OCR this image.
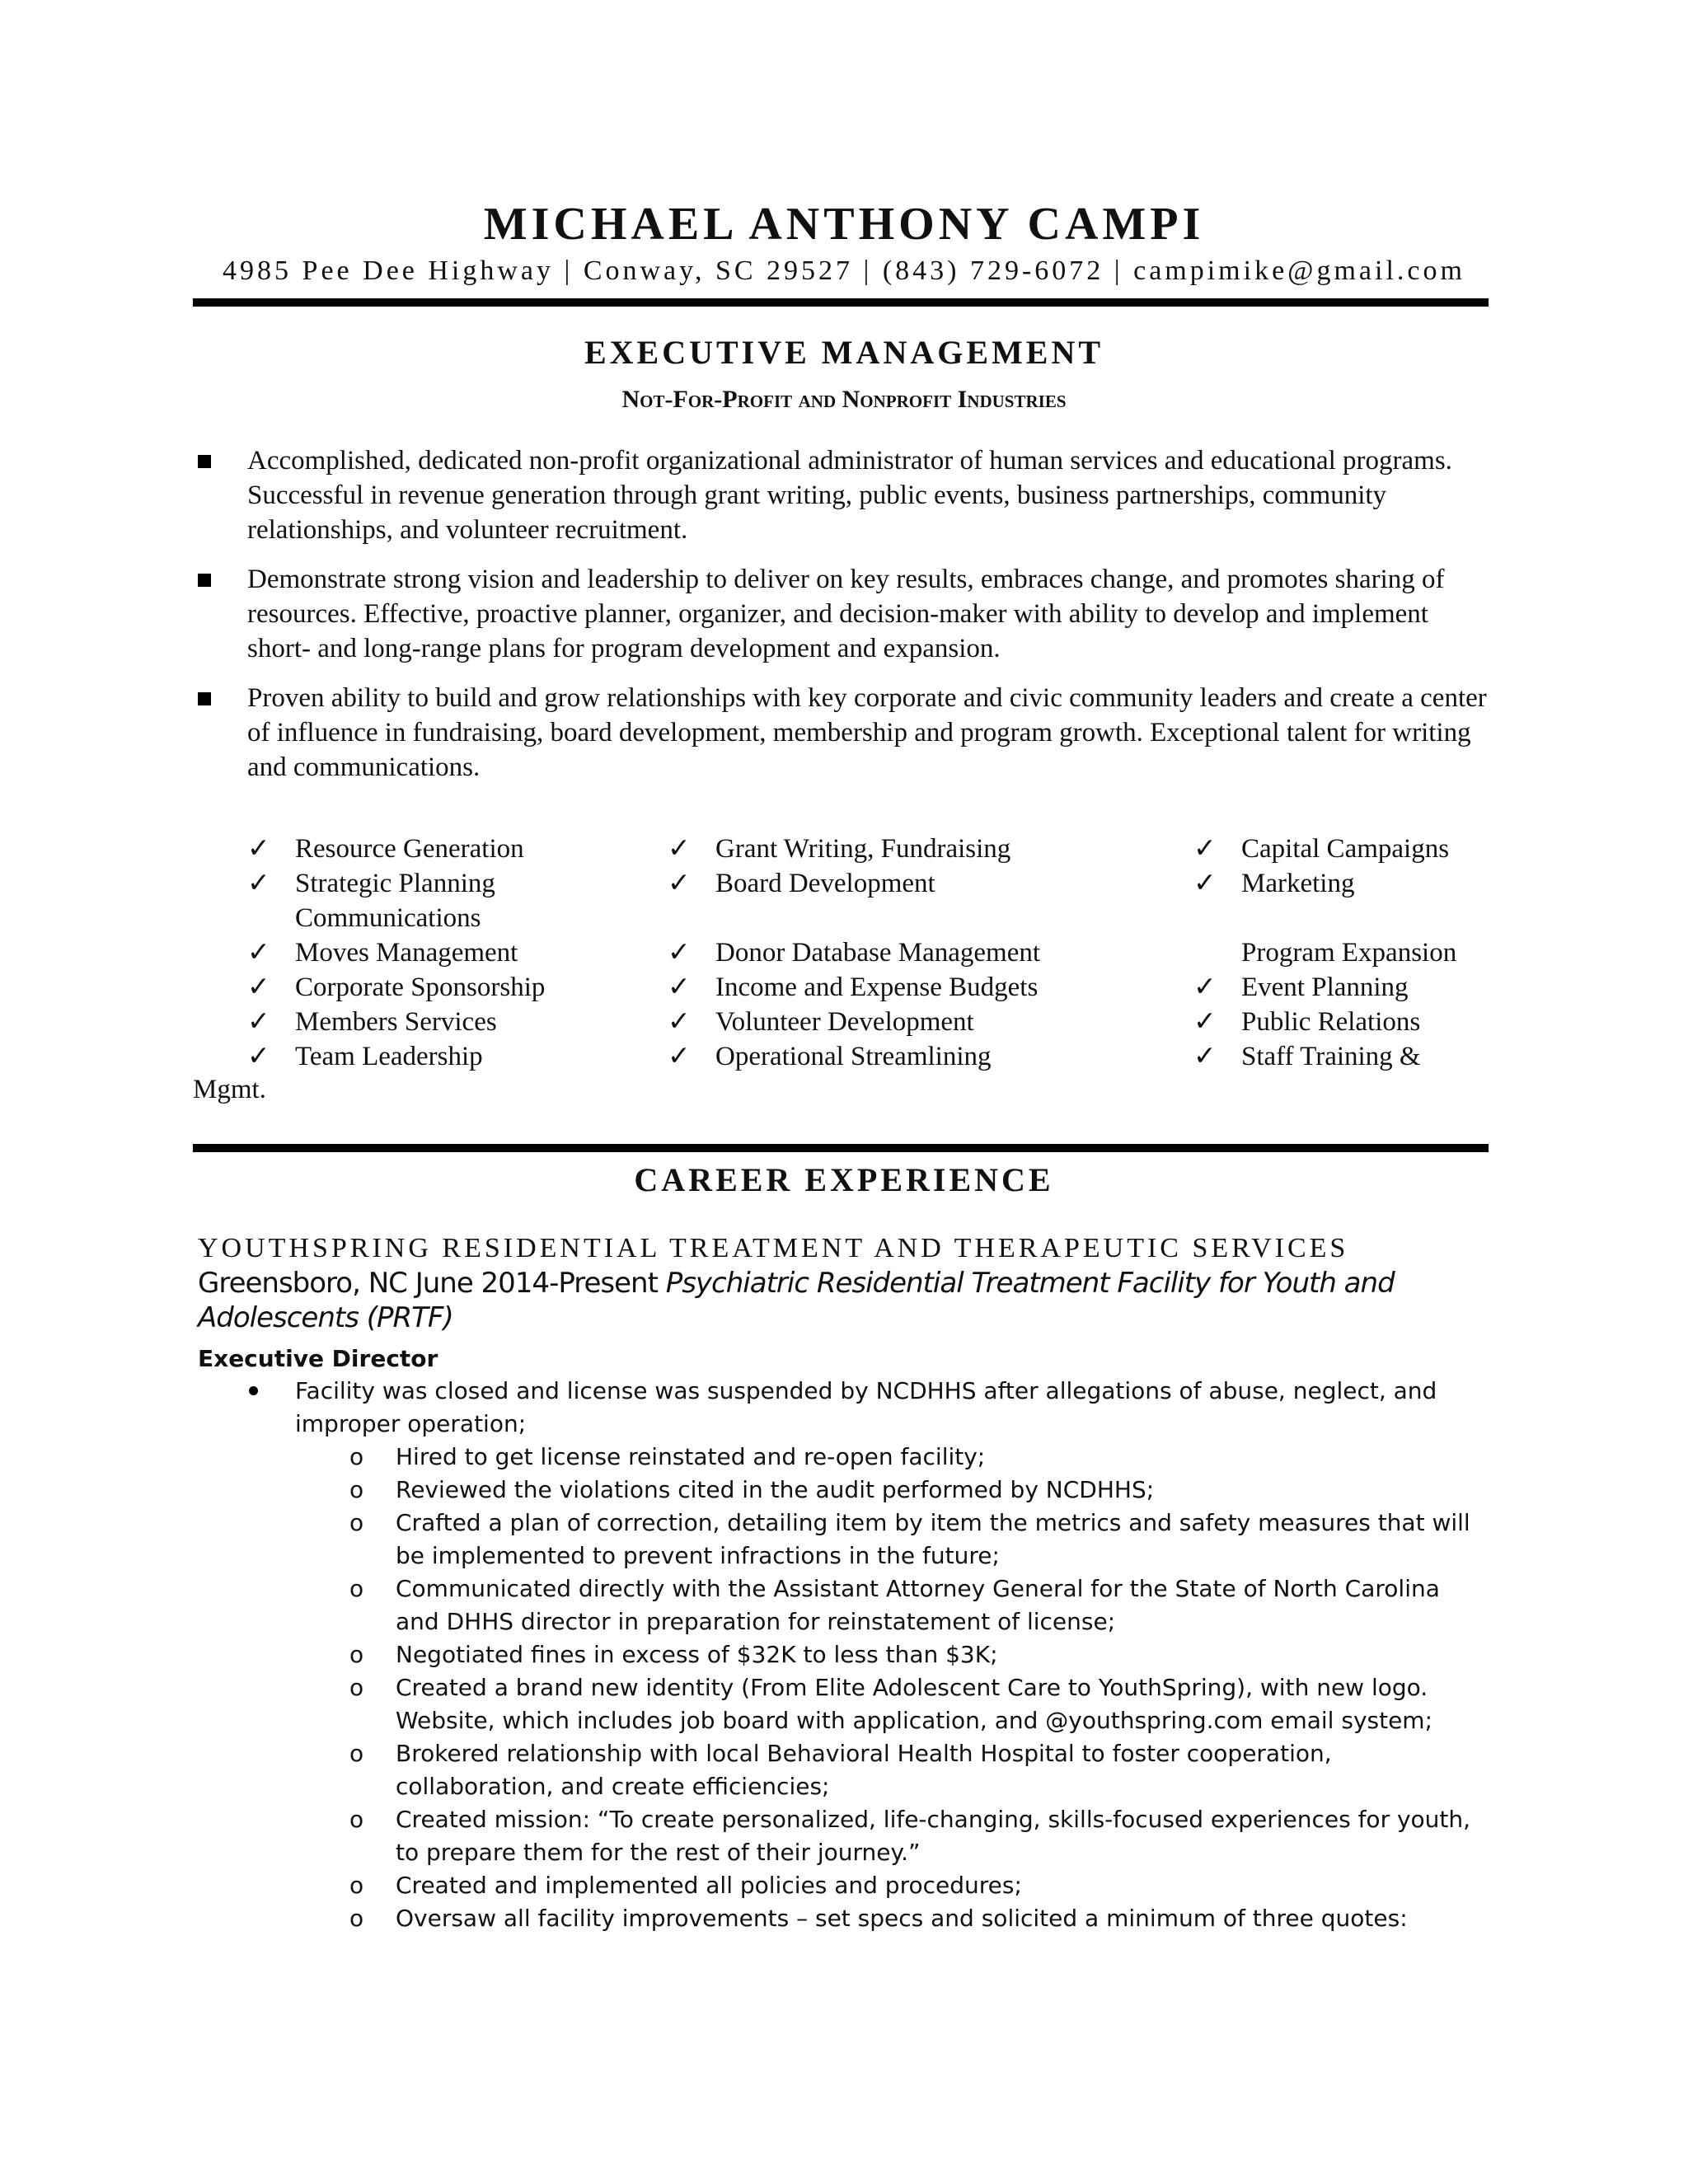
MICHAEL ANTHONY CAMPI
4985 Pee Dee Highway | Conway, SC 29527 | (843) 729-6072 | campimike@gmail.com
EXECUTIVE MANAGEMENT
Not-For-Profit and Nonprofit Industries
Accomplished, dedicated non-profit organizational administrator of human services and educational programs. Successful in revenue generation through grant writing, public events, business partnerships, community relationships, and volunteer recruitment.
Demonstrate strong vision and leadership to deliver on key results, embraces change, and promotes sharing of resources. Effective, proactive planner, organizer, and decision-maker with ability to develop and implement short- and long-range plans for program development and expansion.
Proven ability to build and grow relationships with key corporate and civic community leaders and create a center of influence in fundraising, board development, membership and program growth. Exceptional talent for writing and communications.
✓ Resource Generation
✓ Strategic Planning
Communications
✓ Moves Management
✓ Corporate Sponsorship
✓ Members Services
✓ Team Leadership
✓ Grant Writing, Fundraising
✓ Board Development
✓ Donor Database Management
✓ Income and Expense Budgets
✓ Volunteer Development
✓ Operational Streamlining
✓ Capital Campaigns
✓ Marketing
Program Expansion
✓ Event Planning
✓ Public Relations
✓ Staff Training &
Mgmt.
CAREER EXPERIENCE
YOUTHSPRING RESIDENTIAL TREATMENT AND THERAPEUTIC SERVICES
Greensboro, NC June 2014-Present Psychiatric Residential Treatment Facility for Youth and Adolescents (PRTF)
Executive Director
Facility was closed and license was suspended by NCDHHS after allegations of abuse, neglect, and improper operation;
o Hired to get license reinstated and re-open facility;
o Reviewed the violations cited in the audit performed by NCDHHS;
o Crafted a plan of correction, detailing item by item the metrics and safety measures that will be implemented to prevent infractions in the future;
o Communicated directly with the Assistant Attorney General for the State of North Carolina and DHHS director in preparation for reinstatement of license;
o Negotiated fines in excess of $32K to less than $3K;
o Created a brand new identity (From Elite Adolescent Care to YouthSpring), with new logo. Website, which includes job board with application, and @youthspring.com email system;
o Brokered relationship with local Behavioral Health Hospital to foster cooperation, collaboration, and create efficiencies;
o Created mission: “To create personalized, life-changing, skills-focused experiences for youth, to prepare them for the rest of their journey.”
o Created and implemented all policies and procedures;
o Oversaw all facility improvements – set specs and solicited a minimum of three quotes:
